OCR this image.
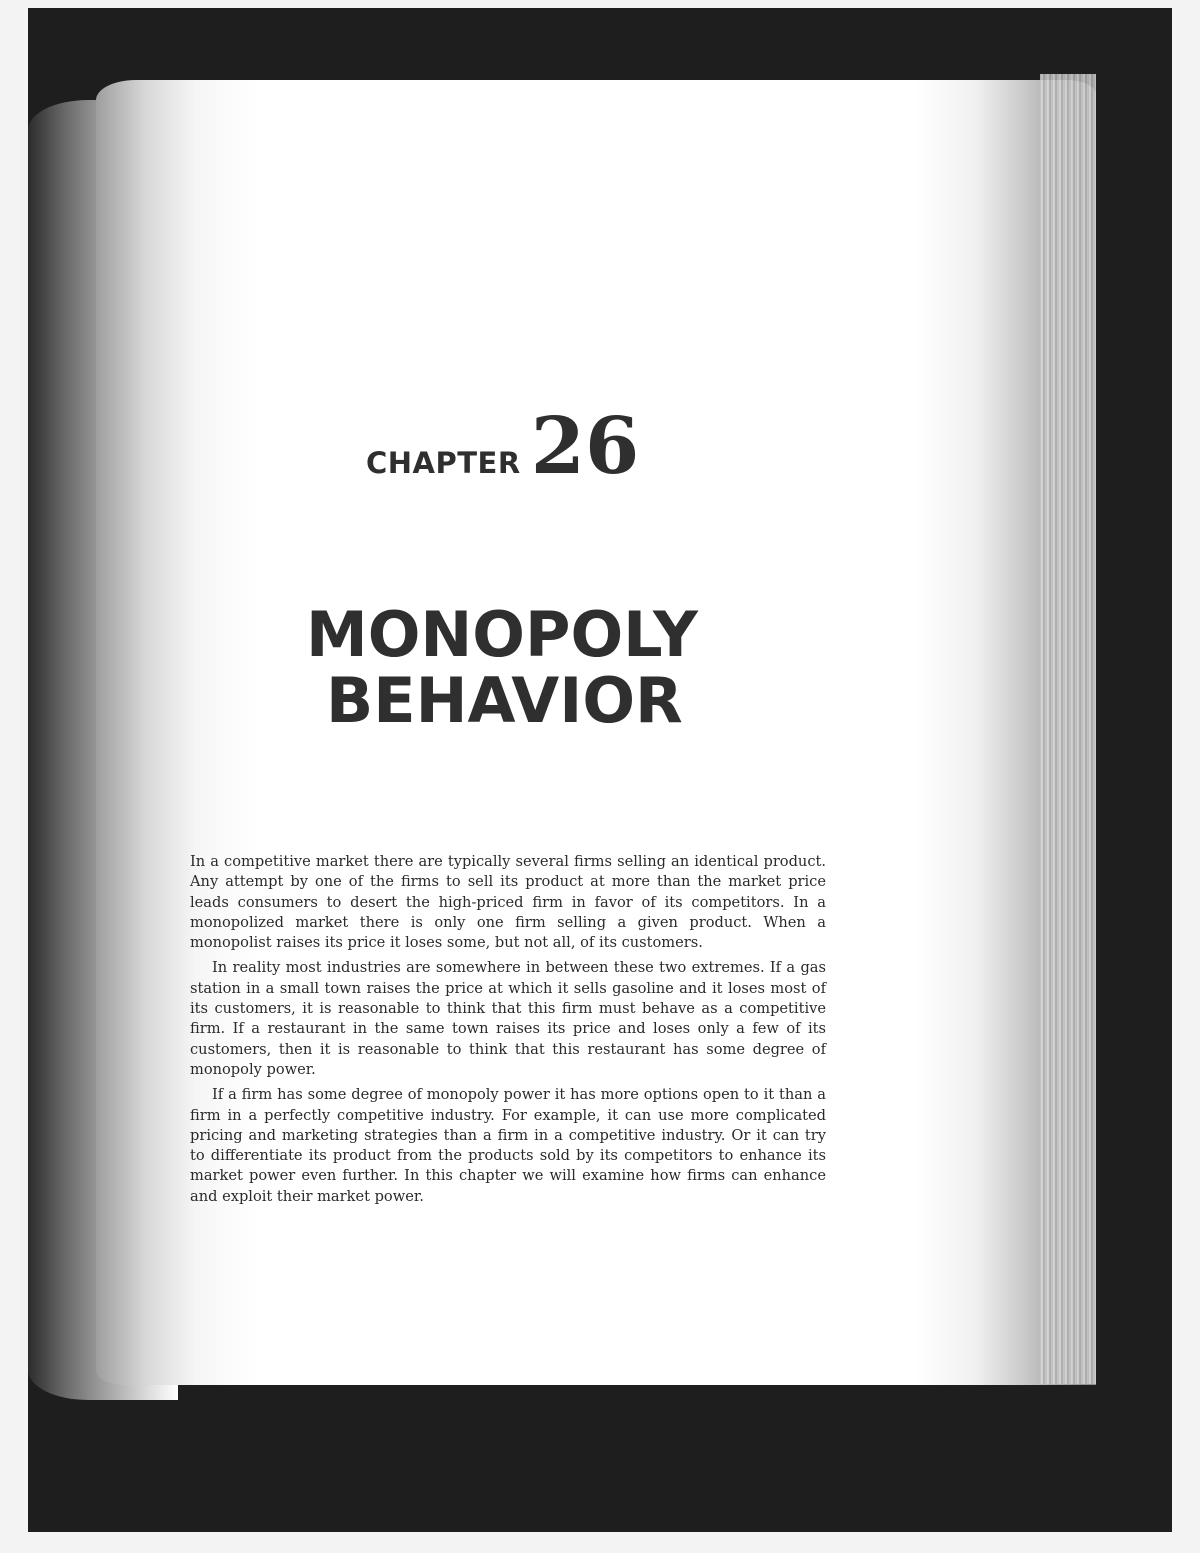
CHAPTER 26
MONOPOLY
BEHAVIOR

In a competitive market there are typically several firms selling an identical product. Any attempt by one of the firms to sell its product at more than the market price leads consumers to desert the high-priced firm in favor of its competitors. In a monopolized market there is only one firm selling a given product. When a monopolist raises its price it loses some, but not all, of its customers.

In reality most industries are somewhere in between these two extremes. If a gas station in a small town raises the price at which it sells gasoline and it loses most of its customers, it is reasonable to think that this firm must behave as a competitive firm. If a restaurant in the same town raises its price and loses only a few of its customers, then it is reasonable to think that this restaurant has some degree of monopoly power.

If a firm has some degree of monopoly power it has more options open to it than a firm in a perfectly competitive industry. For example, it can use more complicated pricing and marketing strategies than a firm in a competitive industry. Or it can try to differentiate its product from the products sold by its competitors to enhance its market power even further. In this chapter we will examine how firms can enhance and exploit their market power.
